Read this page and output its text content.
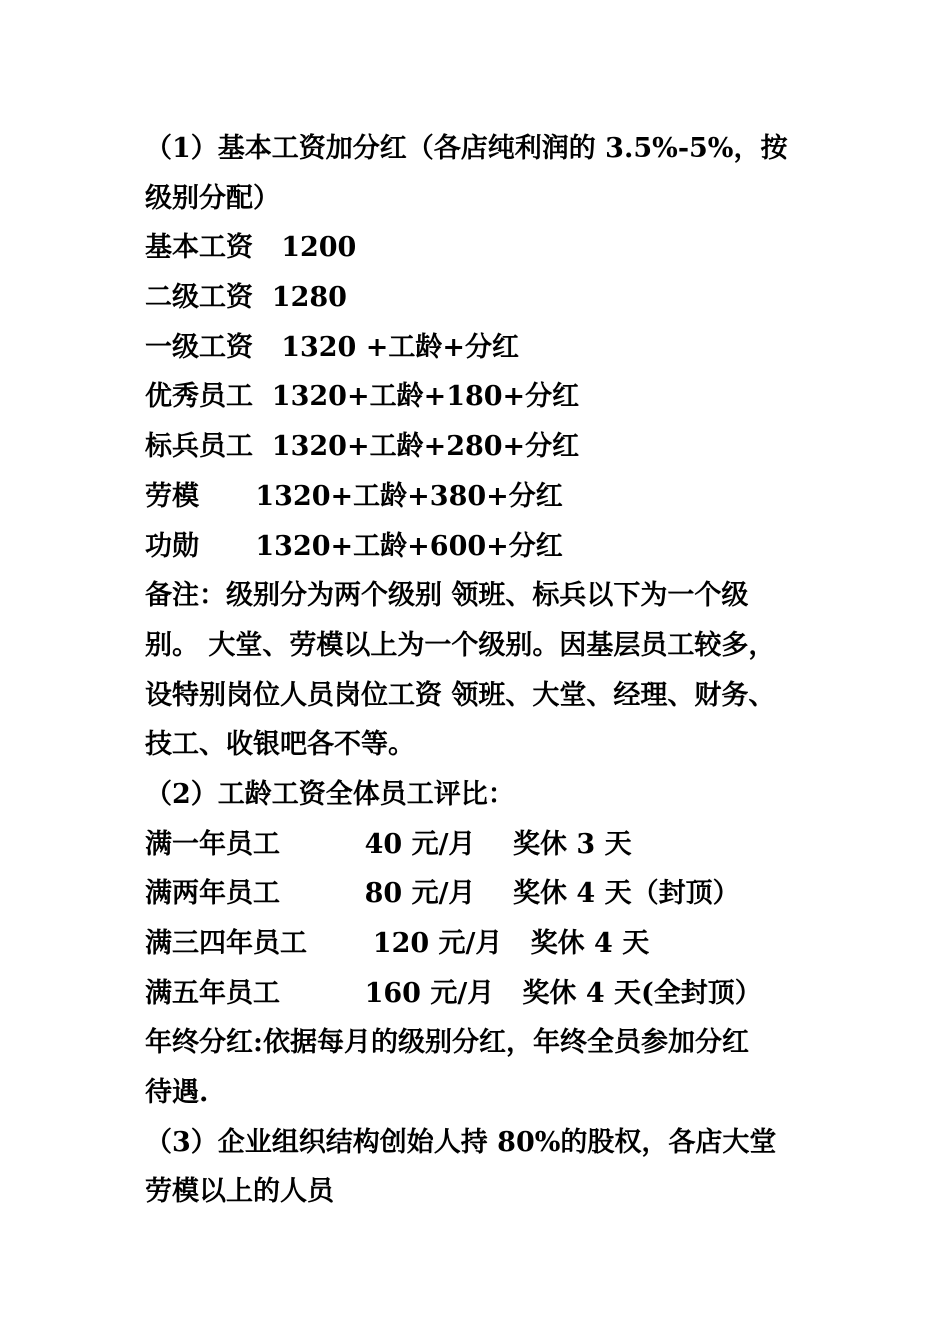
（1）基本工资加分红（各店纯利润的 3.5%-5%，按
级别分配）
基本工资   1200
二级工资  1280
一级工资   1320 +工龄+分红
优秀员工  1320+工龄+180+分红
标兵员工  1320+工龄+280+分红
劳模      1320+工龄+380+分红
功勋      1320+工龄+600+分红
备注：级别分为两个级别 领班、标兵以下为一个级
别。 大堂、劳模以上为一个级别。因基层员工较多，
设特别岗位人员岗位工资 领班、大堂、经理、财务、
技工、收银吧各不等。
（2）工龄工资全体员工评比：
满一年员工         40 元/月    奖休 3 天
满两年员工         80 元/月    奖休 4 天（封顶）
满三四年员工       120 元/月   奖休 4 天
满五年员工         160 元/月   奖休 4 天(全封顶）
年终分红:依据每月的级别分红，年终全员参加分红
待遇.
（3）企业组织结构创始人持 80%的股权，各店大堂
劳模以上的人员
